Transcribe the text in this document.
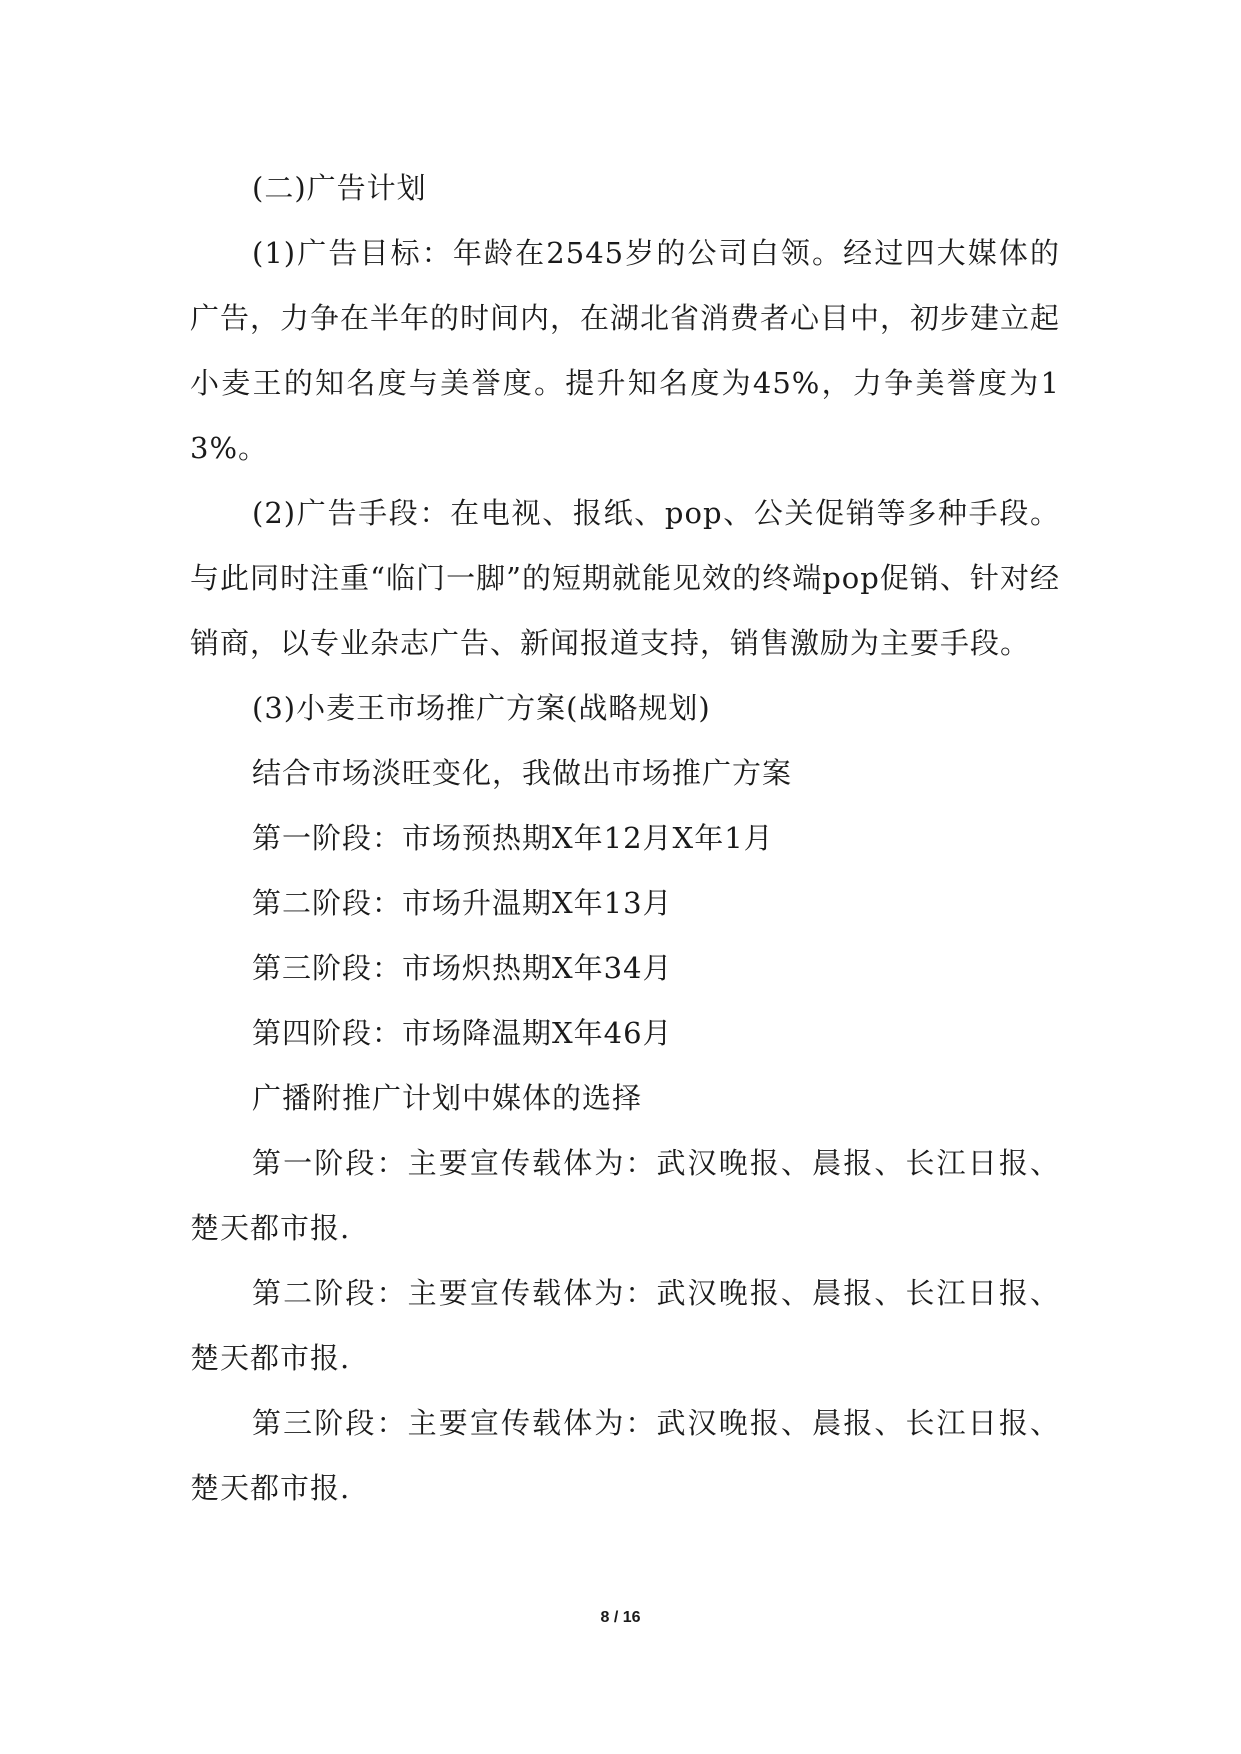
(二)广告计划

(1)广告目标：年龄在2545岁的公司白领。经过四大媒体的广告，力争在半年的时间内，在湖北省消费者心目中，初步建立起小麦王的知名度与美誉度。提升知名度为45%，力争美誉度为13%。

(2)广告手段：在电视、报纸、pop、公关促销等多种手段。与此同时注重“临门一脚”的短期就能见效的终端pop促销、针对经销商，以专业杂志广告、新闻报道支持，销售激励为主要手段。

(3)小麦王市场推广方案(战略规划)

结合市场淡旺变化，我做出市场推广方案

第一阶段：市场预热期X年12月X年1月

第二阶段：市场升温期X年13月

第三阶段：市场炽热期X年34月

第四阶段：市场降温期X年46月

广播附推广计划中媒体的选择

第一阶段：主要宣传载体为：武汉晚报、晨报、长江日报、楚天都市报.

第二阶段：主要宣传载体为：武汉晚报、晨报、长江日报、楚天都市报.

第三阶段：主要宣传载体为：武汉晚报、晨报、长江日报、楚天都市报.

8 / 16
